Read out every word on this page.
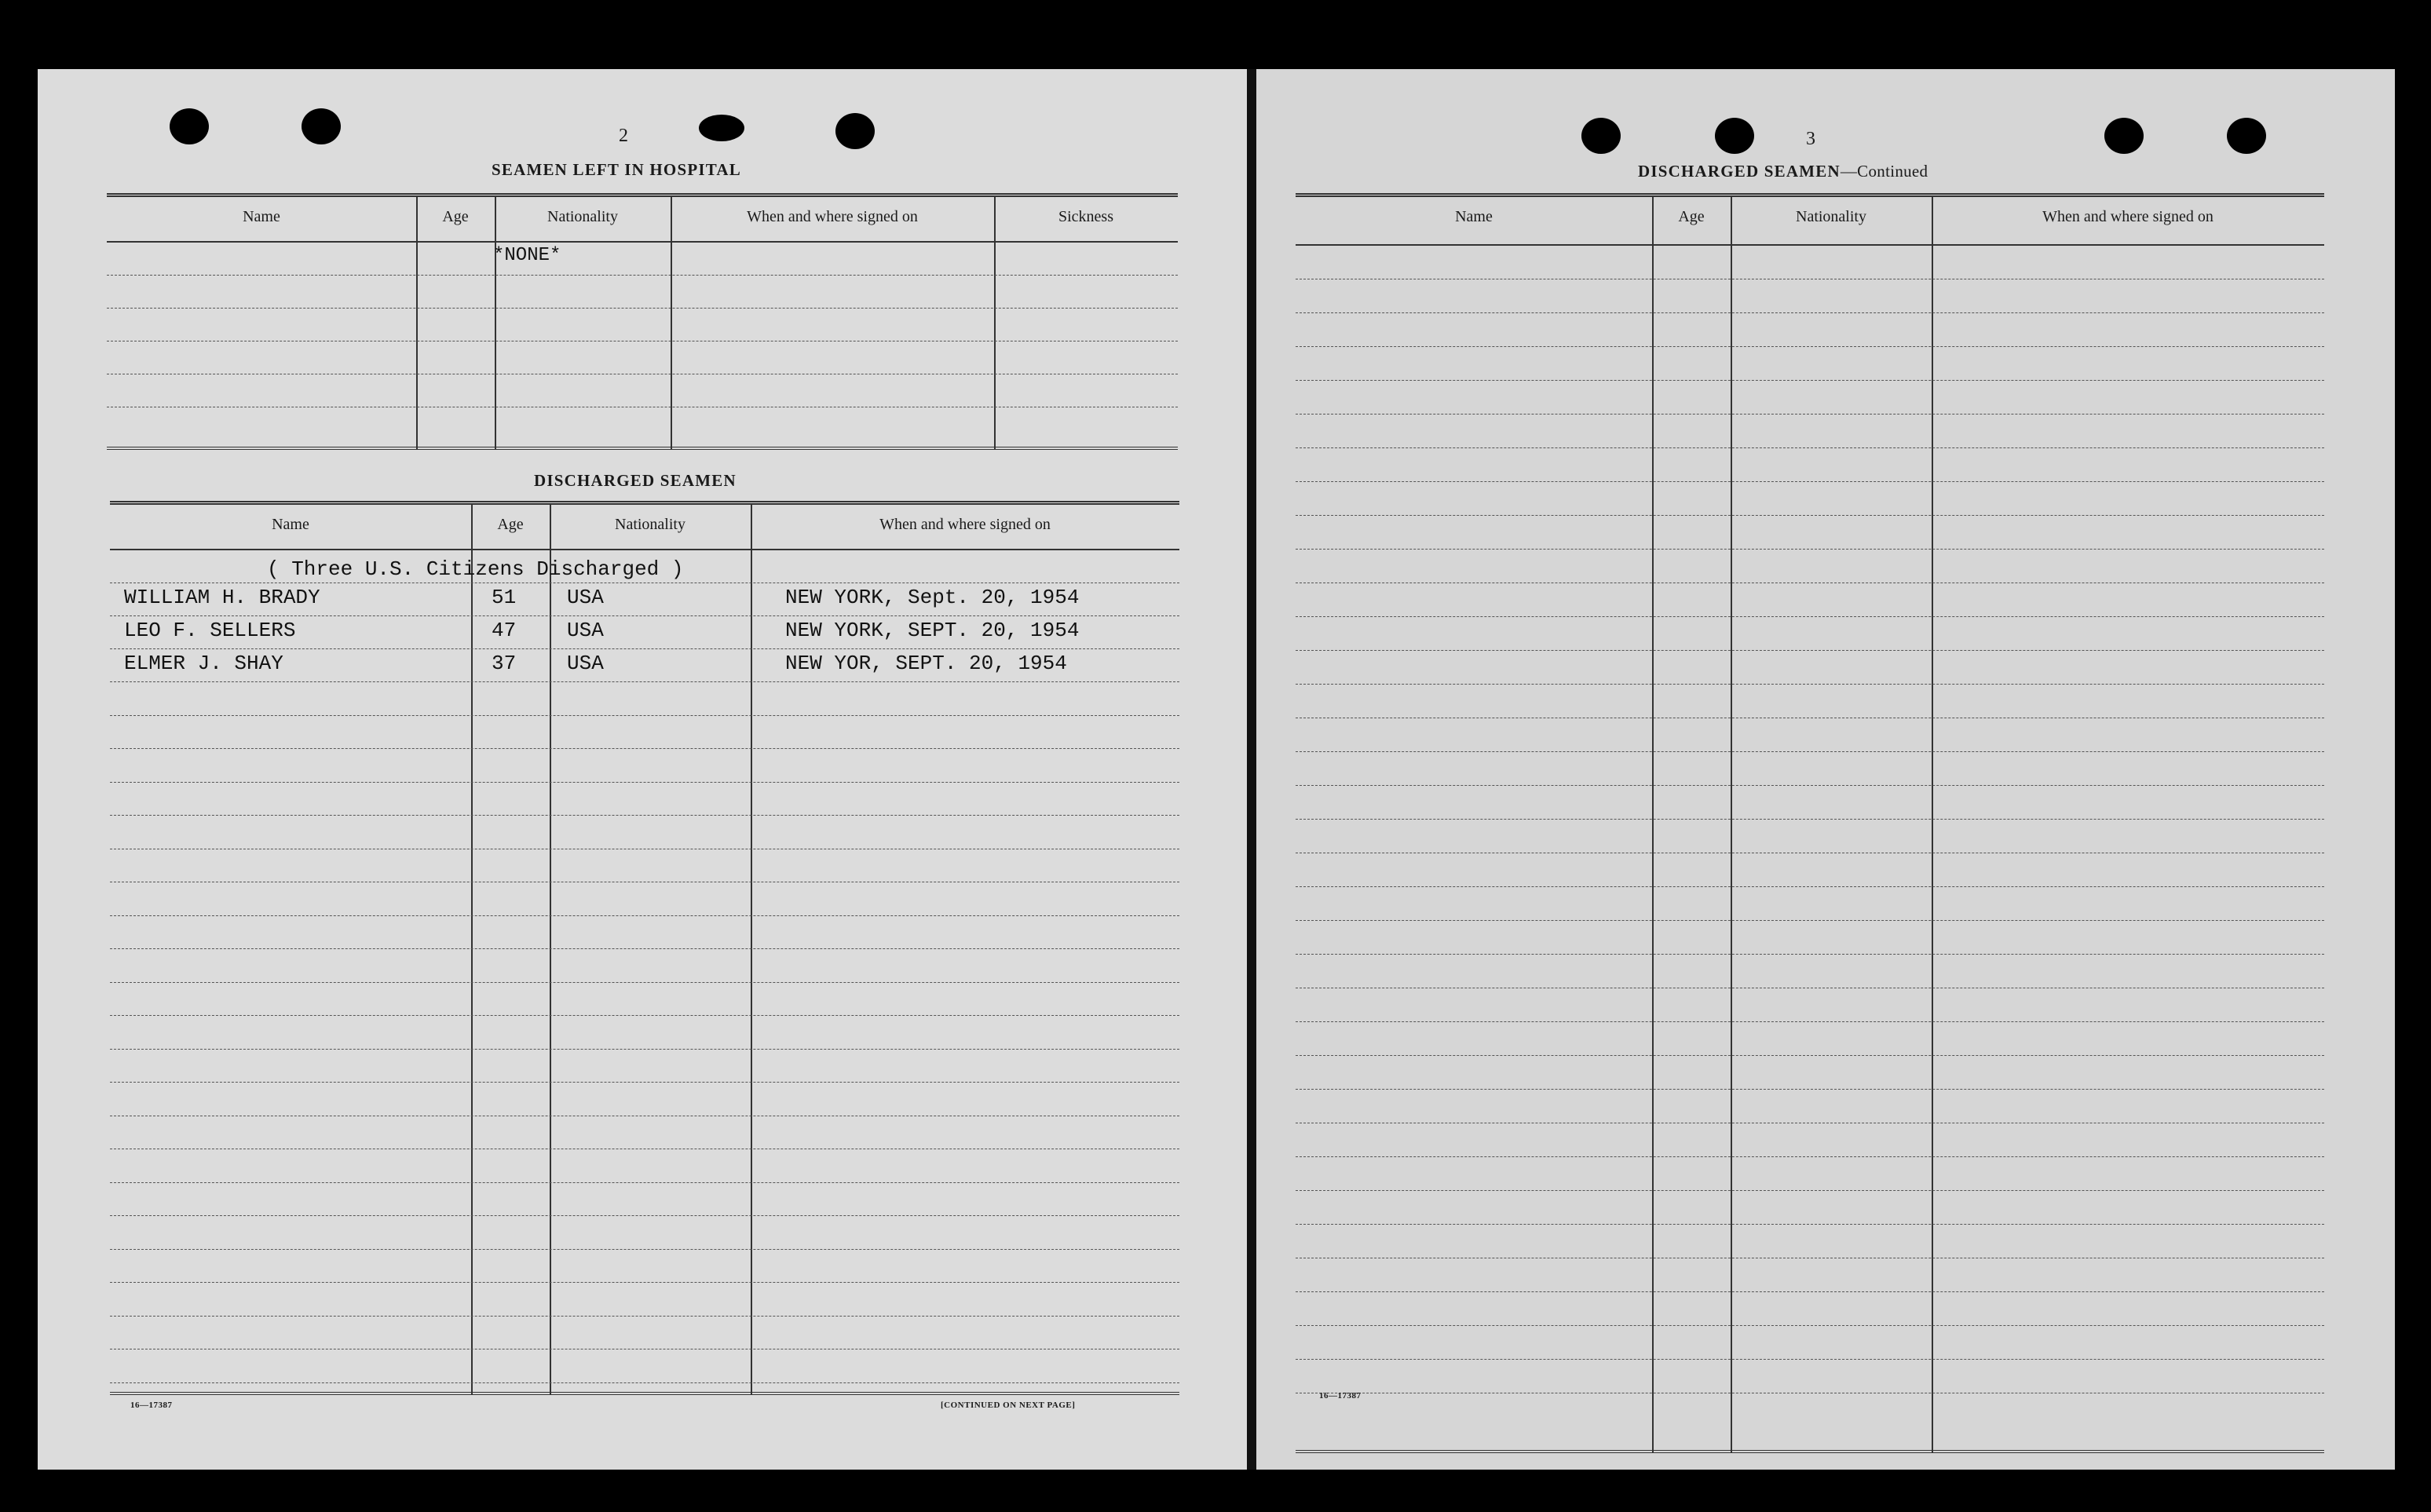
2
SEAMEN LEFT IN HOSPITAL
Name	Age	Nationality	When and where signed on	Sickness
*NONE*
DISCHARGED SEAMEN
Name	Age	Nationality	When and where signed on
( Three U.S. Citizens Discharged )
WILLIAM H. BRADY	51 USA	NEW YORK, Sept. 20, 1954
LEO F. SELLERS	47 USA	NEW YORK, SEPT. 20, 1954
ELMER J. SHAY	37 USA	NEW YOR, SEPT. 20, 1954
16—17387	[CONTINUED ON NEXT PAGE]
3
DISCHARGED SEAMEN—Continued
Name	Age	Nationality	When and where signed on
16—17387
